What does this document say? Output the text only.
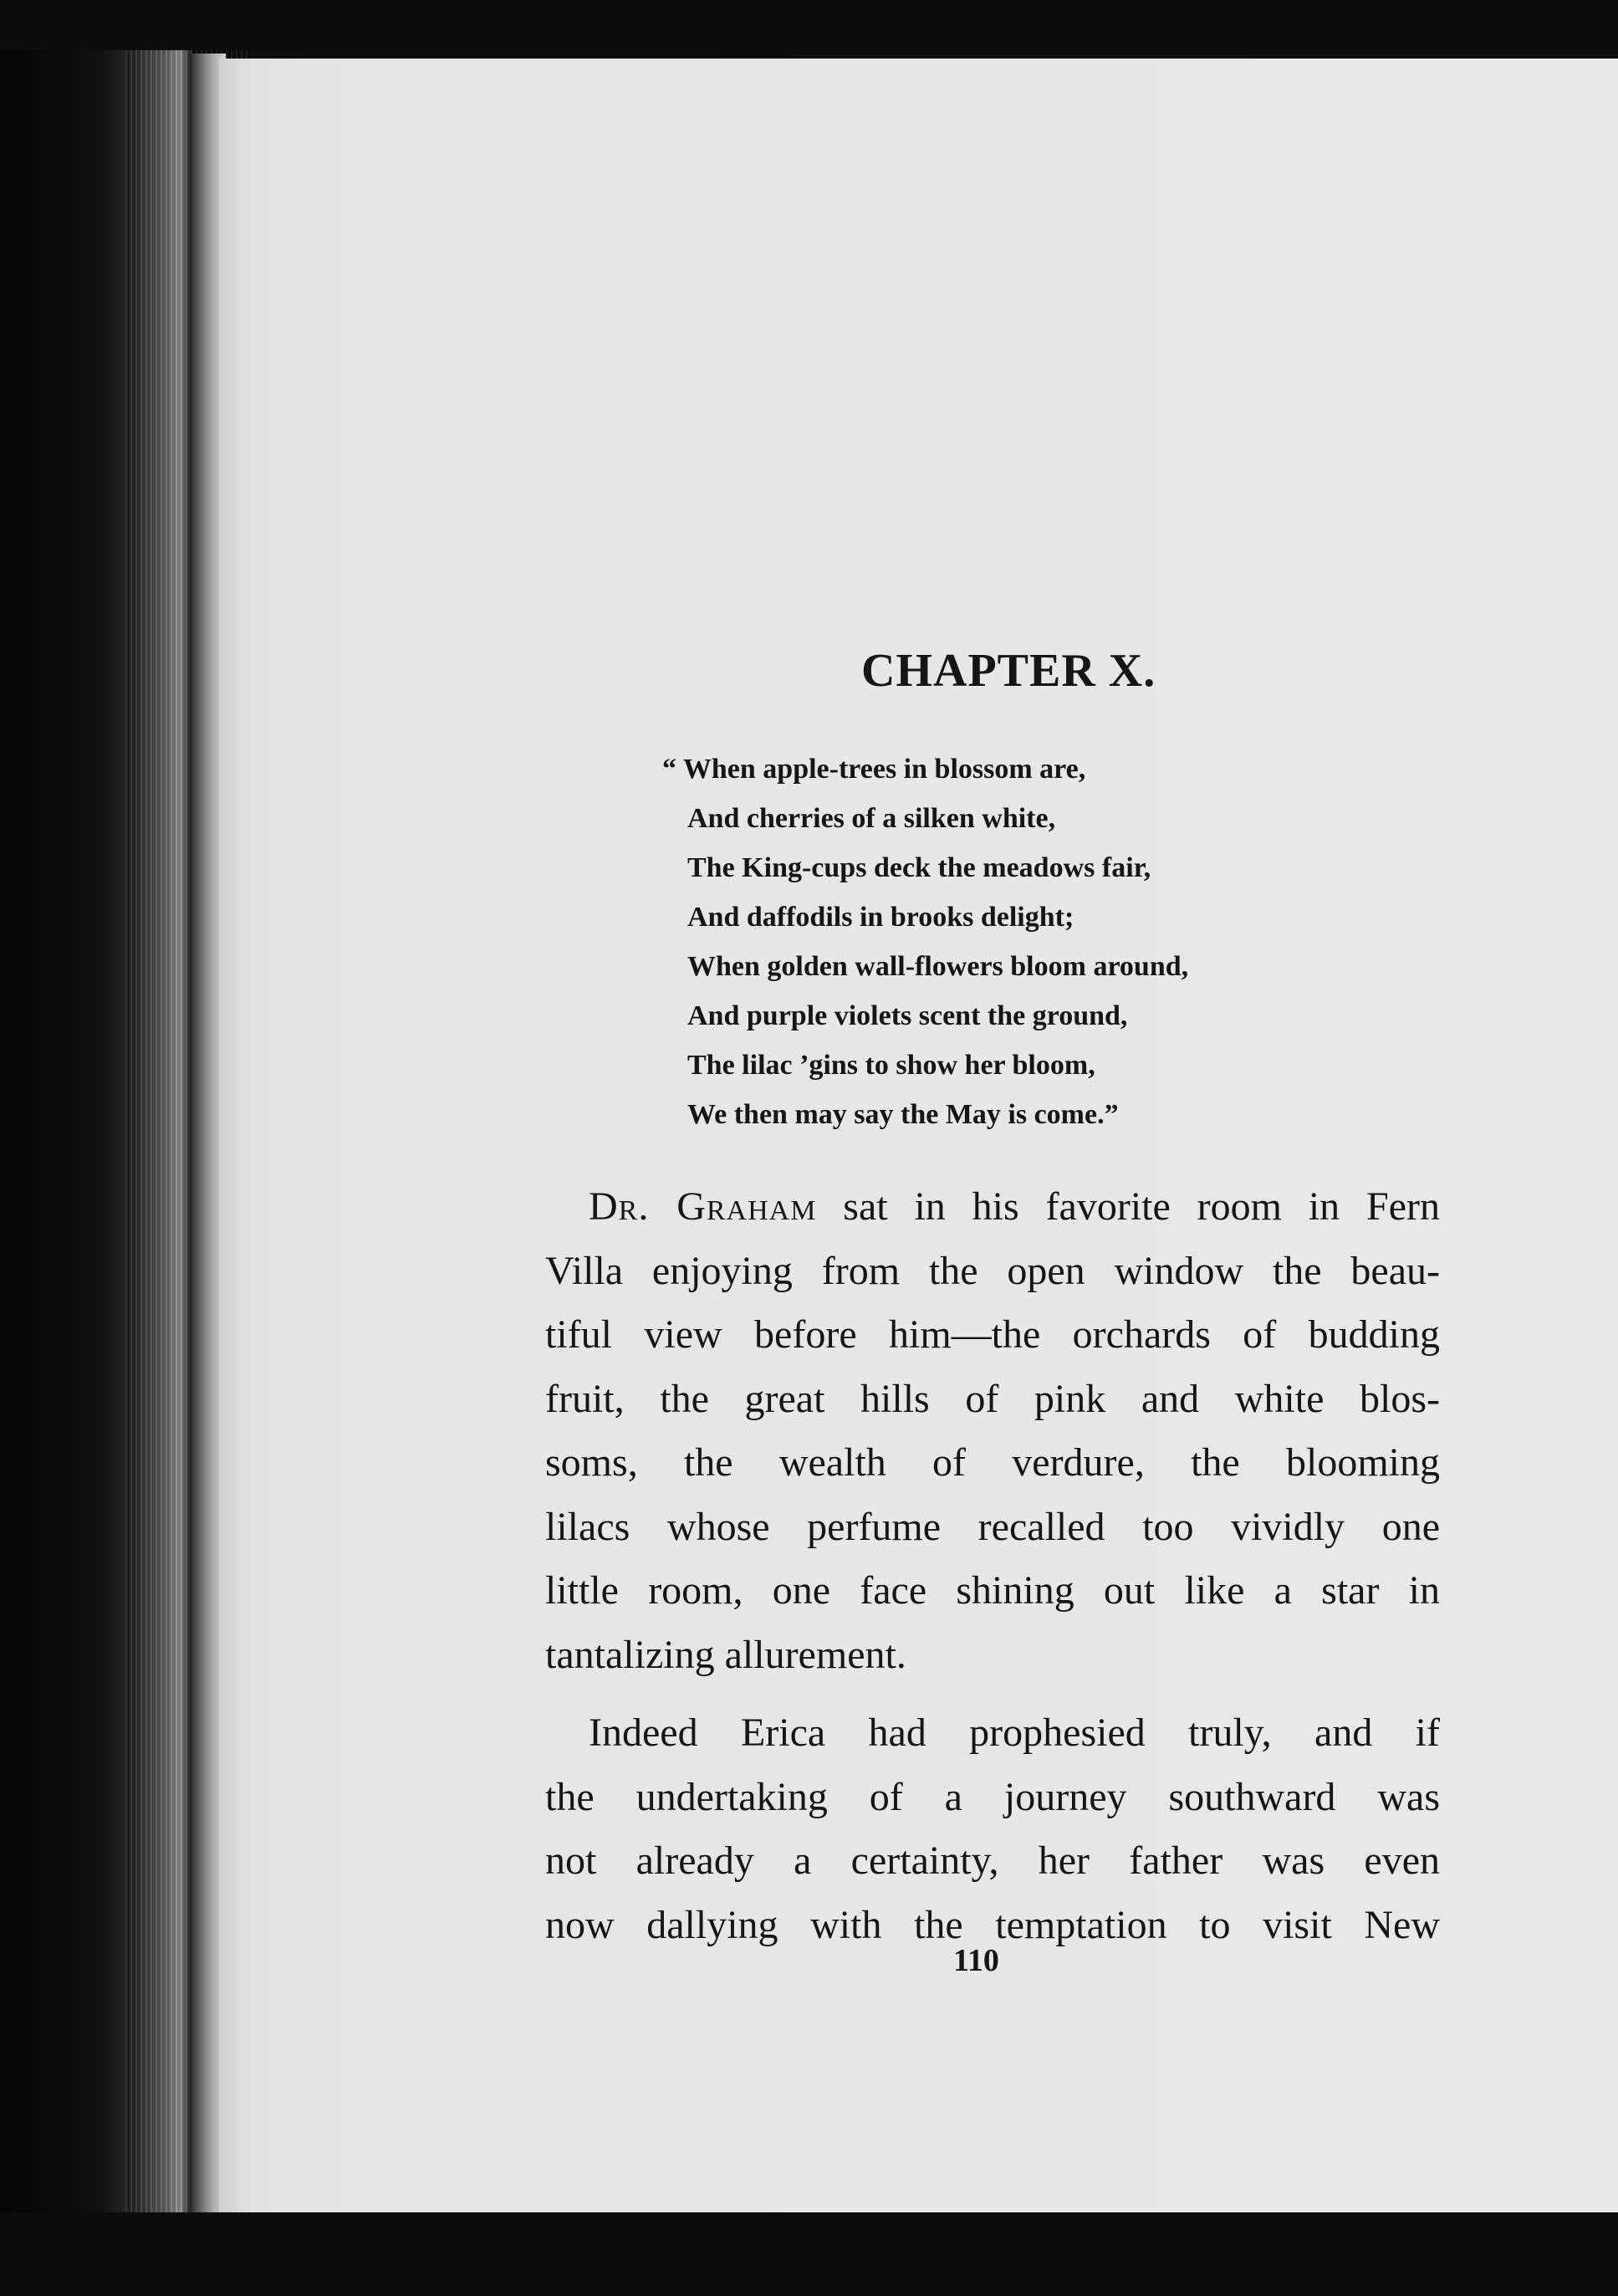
CHAPTER X.
“ When apple-trees in blossom are,
And cherries of a silken white,
The King-cups deck the meadows fair,
And daffodils in brooks delight;
When golden wall-flowers bloom around,
And purple violets scent the ground,
The lilac ’gins to show her bloom,
We then may say the May is come.”

Dr. Graham sat in his favorite room in Fern
Villa enjoying from the open window the beau-
tiful view before him—the orchards of budding
fruit, the great hills of pink and white blos-
soms, the wealth of verdure, the blooming
lilacs whose perfume recalled too vividly one
little room, one face shining out like a star in
tantalizing allurement.

Indeed Erica had prophesied truly, and if
the undertaking of a journey southward was
not already a certainty, her father was even
now dallying with the temptation to visit New

110
